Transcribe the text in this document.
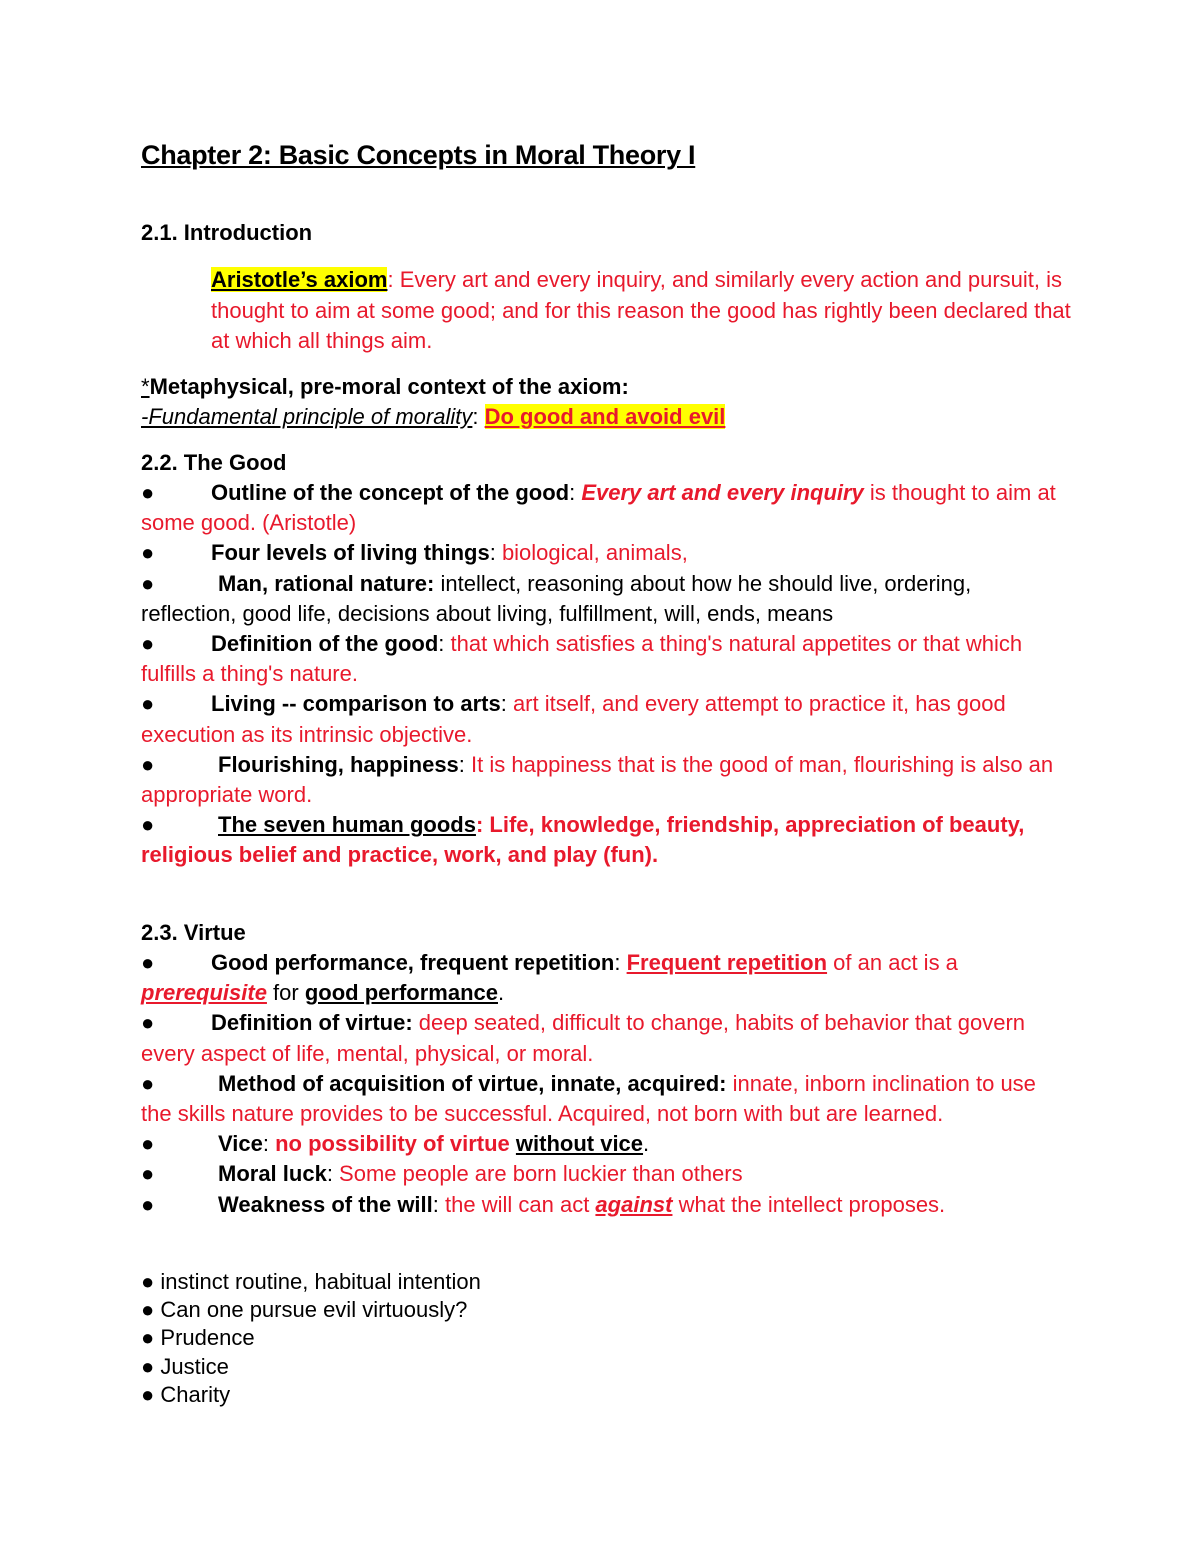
Chapter 2: Basic Concepts in Moral Theory I
2.1. Introduction
Aristotle’s axiom: Every art and every inquiry, and similarly every action and pursuit, is thought to aim at some good; and for this reason the good has rightly been declared that at which all things aim.
*Metaphysical, pre-moral context of the axiom:
-Fundamental principle of morality: Do good and avoid evil
2.2. The Good
●	Outline of the concept of the good: Every art and every inquiry is thought to aim at some good. (Aristotle)
●	Four levels of living things: biological, animals,
●	Man, rational nature: intellect, reasoning about how he should live, ordering, reflection, good life, decisions about living, fulfillment, will, ends, means
●	Definition of the good: that which satisfies a thing's natural appetites or that which fulfills a thing's nature.
●	Living -- comparison to arts: art itself, and every attempt to practice it, has good execution as its intrinsic objective.
●	Flourishing, happiness: It is happiness that is the good of man, flourishing is also an appropriate word.
●	The seven human goods: Life, knowledge, friendship, appreciation of beauty, religious belief and practice, work, and play (fun).
2.3. Virtue
●	Good performance, frequent repetition: Frequent repetition of an act is a prerequisite for good performance.
●	Definition of virtue: deep seated, difficult to change, habits of behavior that govern every aspect of life, mental, physical, or moral.
●	Method of acquisition of virtue, innate, acquired: innate, inborn inclination to use the skills nature provides to be successful. Acquired, not born with but are learned.
●	Vice: no possibility of virtue without vice.
●	Moral luck: Some people are born luckier than others
●	Weakness of the will: the will can act against what the intellect proposes.
● instinct routine, habitual intention
● Can one pursue evil virtuously?
● Prudence
● Justice
● Charity
